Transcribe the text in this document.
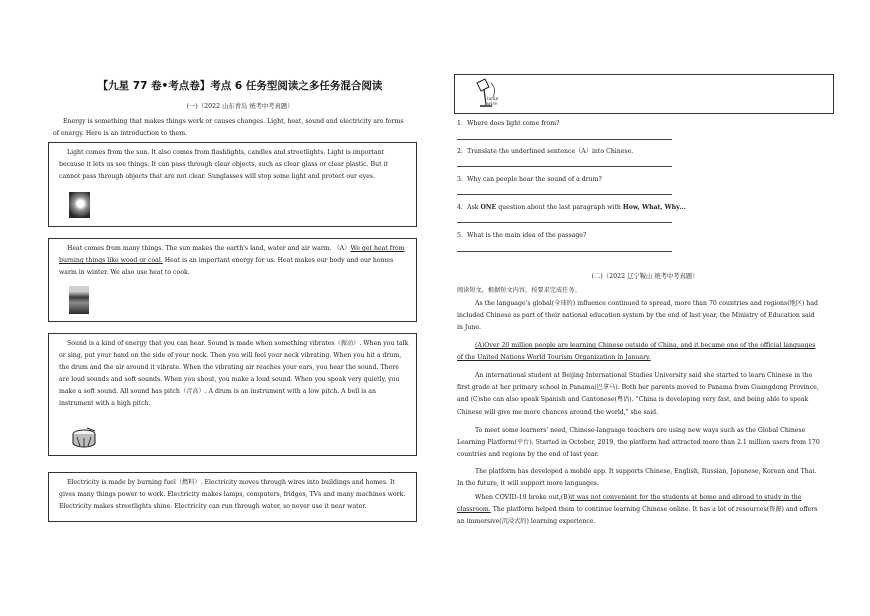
【九星 77 卷•考点卷】考点 6 任务型阅读之多任务混合阅读
(一)（2022 山东青岛 统考中考真题）

Energy is something that makes things work or causes changes. Light, heat, sound and electricity are forms of energy. Here is an introduction to them.

Light comes from the sun. It also comes from flashlights, candles and streetlights. Light is important because it lets us see things. It can pass through clear objects, such as clear glass or clear plastic. But it cannot pass through objects that are not clear. Sunglasses will stop some light and protect our eyes.

Heat comes from many things. The sun makes the earth's land, water and air warm. （A）We get heat from burning things like wood or coal. Heat is an important energy for us. Heat makes our body and our homes warm in winter. We also use heat to cook.

Sound is a kind of energy that you can hear. Sound is made when something vibrates（振动）. When you talk or sing, put your hand on the side of your neck. Then you will feel your neck vibrating. When you hit a drum, the drum and the air around it vibrate. When the vibrating air reaches your ears, you hear the sound. There are loud sounds and soft sounds. When you shout, you make a loud sound. When you speak very quietly, you make a soft sound. All sound has pitch（音高）. A drum is an instrument with a low pitch. A bell is an instrument with a high pitch.

Electricity is made by burning fuel（燃料）. Electricity moves through wires into buildings and homes. It gives many things power to work. Electricity makes lamps, computers, fridges, TVs and many machines work. Electricity makes streetlights shine. Electricity can run through water, so never use it near water.

lamp wire
1．Where does light come from?
2．Translate the underlined sentence（A）into Chinese.
3．Why can people hear the sound of a drum?
4．Ask ONE question about the last paragraph with How, What, Why…
5．What is the main idea of the passage?
(二)（2022 辽宁鞍山 统考中考真题）
阅读短文，根据短文内容，按要求完成任务。

As the language's global(全球的) influence continued to spread, more than 70 countries and regions(地区) had included Chinese as part of their national education system by the end of last year, the Ministry of Education said in June.

(A)Over 20 million people are learning Chinese outside of China, and it became one of the official languages of the United Nations World Tourism Organization in January.

An international student at Beijing International Studies University said she started to learn Chinese in the first grade at her primary school in Panama(巴拿马). Both her parents moved to Panama from Guangdong Province, and (C)she can also speak Spanish and Cantonese(粤语). "China is developing very fast, and being able to speak Chinese will give me more chances around the world," she said.

To meet some learners' need, Chinese-language teachers are using new ways such as the Global Chinese Learning Platform(平台). Started in October, 2019, the platform had attracted more than 2.1 million users from 170 countries and regions by the end of last year.

The platform has developed a mobile app. It supports Chinese, English, Russian, Japanese, Korean and Thai. In the future, it will support more languages.

When COVID-19 broke out,(B)it was not convenient for the students at home and abroad to study in the classroom. The platform helped them to continue learning Chinese online. It has a lot of resources(资源) and offers an immersive(沉浸式的) learning experience.
